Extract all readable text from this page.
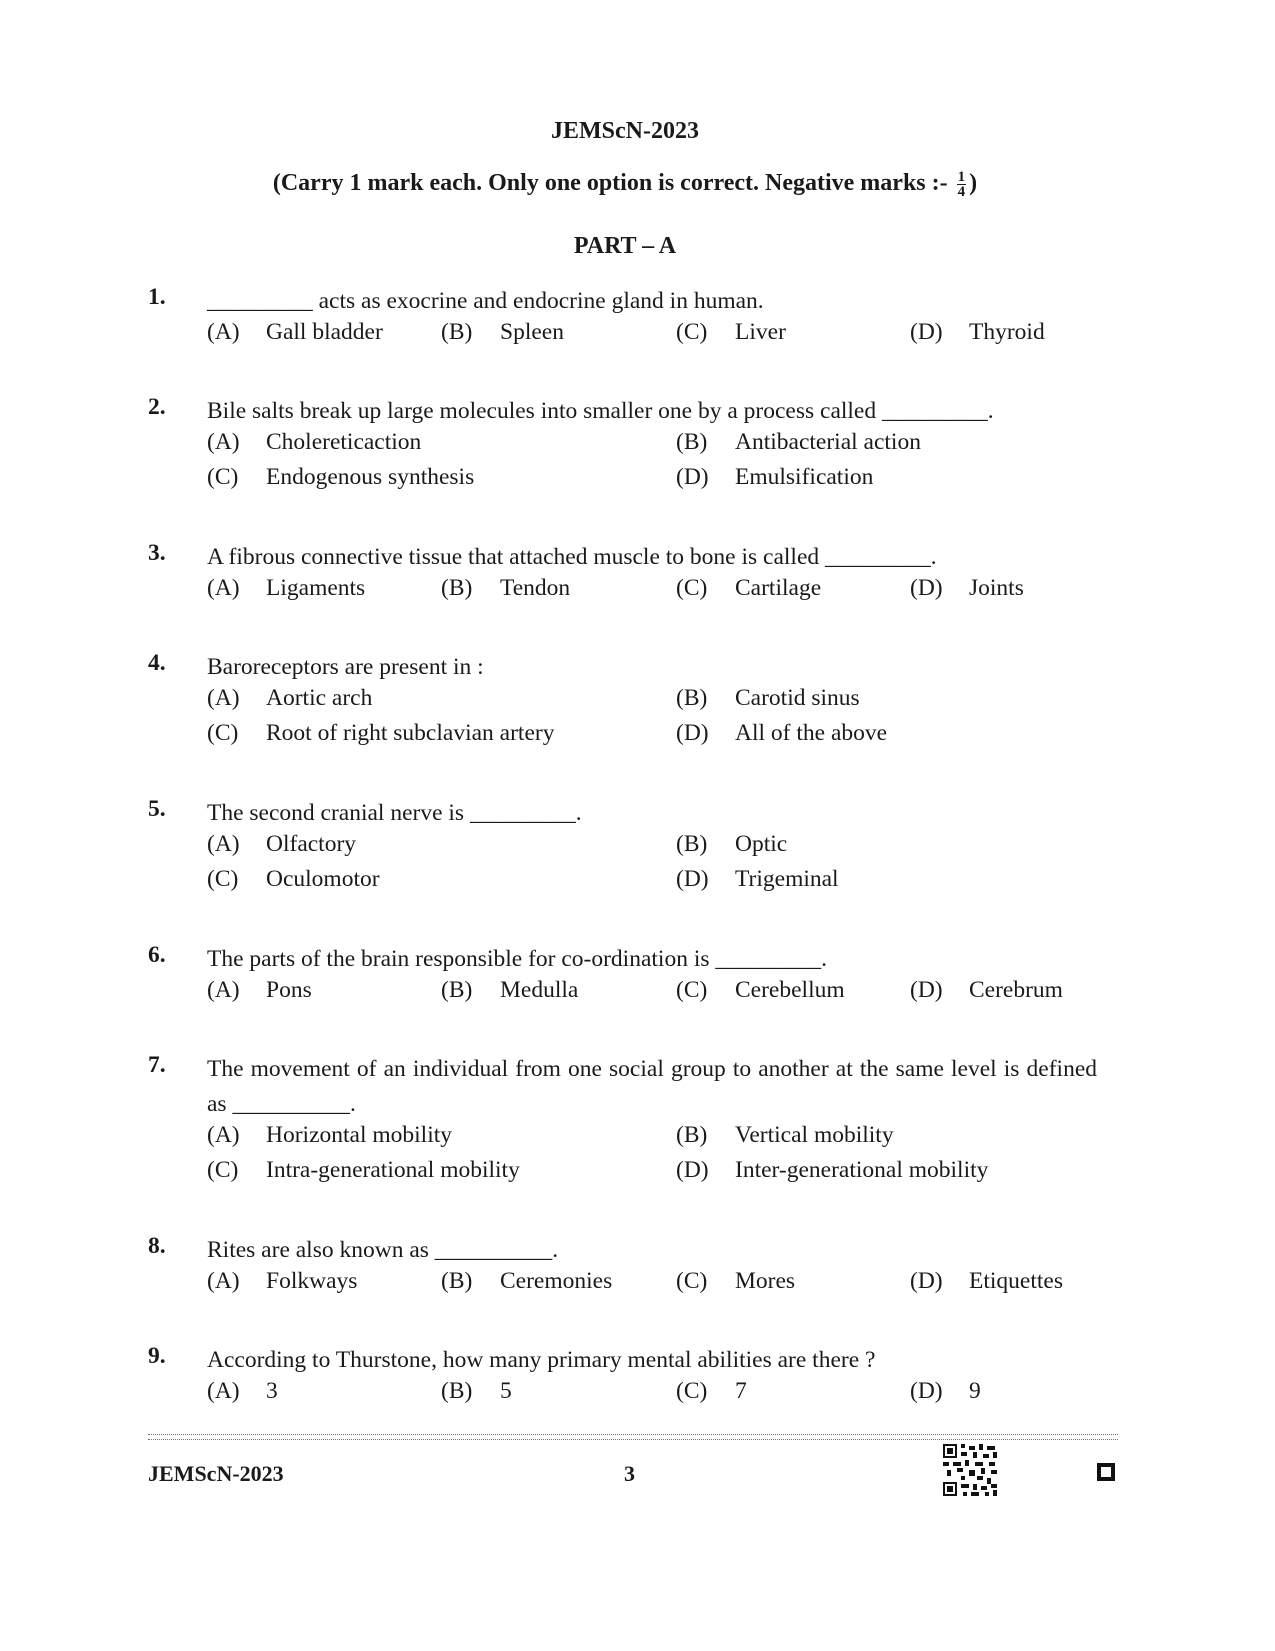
JEMScN-2023
(Carry 1 mark each. Only one option is correct. Negative marks :- $\frac{1}{4}$ )
PART – A
1. _________ acts as exocrine and endocrine gland in human.
(A) Gall bladder (B) Spleen	(C) Liver	(D) Thyroid
2. Bile salts break up large molecules into smaller one by a process called _________.
(A) Cholereticaction	(B) Antibacterial action
(C) Endogenous synthesis	(D) Emulsification
3. A fibrous connective tissue that attached muscle to bone is called _________.
(A) Ligaments	(B) Tendon	(C) Cartilage	(D) Joints
4. Baroreceptors are present in :
(A) Aortic arch	(B) Carotid sinus
(C) Root of right subclavian artery	(D) All of the above
5. The second cranial nerve is _________.
(A) Olfactory	(B) Optic
(C) Oculomotor	(D) Trigeminal
6. The parts of the brain responsible for co-ordination is _________.
(A) Pons	(B) Medulla	(C) Cerebellum	(D) Cerebrum
7. The movement of an individual from one social group to another at the same level is defined as __________.
(A) Horizontal mobility	(B) Vertical mobility
(C) Intra-generational mobility	(D) Inter-generational mobility
8. Rites are also known as __________.
(A) Folkways	(B) Ceremonies	(C) Mores	(D) Etiquettes
9. According to Thurstone, how many primary mental abilities are there ?
(A) 3	(B) 5	(C) 7	(D) 9
JEMScN-2023	3
